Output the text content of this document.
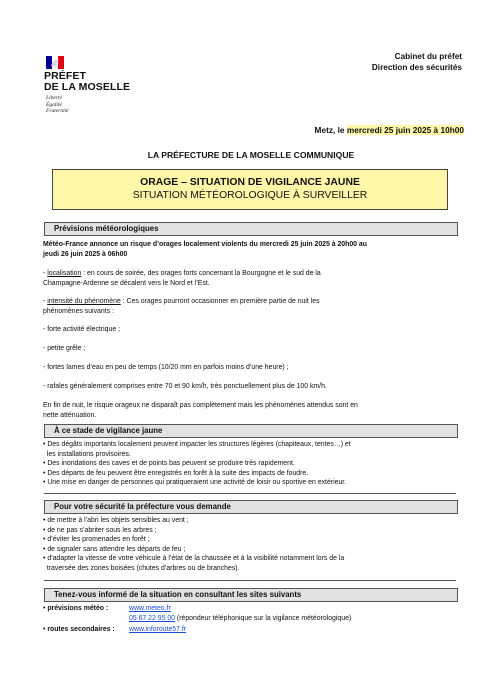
PRÉFET
DE LA MOSELLE
Liberté
Égalité
Fraternité
Cabinet du préfet
Direction des sécurités
Metz, le mercredi 25 juin 2025 à 10h00
LA PRÉFECTURE DE LA MOSELLE COMMUNIQUE
ORAGE – SITUATION DE VIGILANCE JAUNE
SITUATION MÉTÉOROLOGIQUE À SURVEILLER
Prévisions météorologiques
Météo-France annonce un risque d’orages localement violents du mercredi 25 juin 2025 à 20h00 au
jeudi 26 juin 2025 à 06h00
- localisation : en cours de soirée, des orages forts concernant la Bourgogne et le sud de la
Champagne-Ardenne se décalent vers le Nord et l’Est.
- intensité du phénomène : Ces orages pourront occasionner en première partie de nuit les
phénomènes suivants :
- forte activité électrique ;
- petite grêle ;
- fortes lames d’eau en peu de temps (10/20 mm en parfois moins d’une heure) ;
- rafales généralement comprises entre 70 et 90 km/h, très ponctuellement plus de 100 km/h.
En fin de nuit, le risque orageux ne disparaît pas complètement mais les phénomènes attendus sont en
nette atténuation.
À ce stade de vigilance jaune
• Des dégâts importants localement peuvent impacter les structures légères (chapiteaux, tentes…) et
les installations provisoires.
• Des inondations des caves et de points bas peuvent se produire très rapidement.
• Des départs de feu peuvent être enregistrés en forêt à la suite des impacts de foudre.
• Une mise en danger de personnes qui pratiqueraient une activité de loisir ou sportive en extérieur.
Pour votre sécurité la préfecture vous demande
• de mettre à l’abri les objets sensibles au vent ;
• de ne pas s’abriter sous les arbres ;
• d’éviter les promenades en forêt ;
• de signaler sans attendre les départs de feu ;
• d’adapter la vitesse de votre véhicule à l’état de la chaussée et à la visibilité notamment lors de la
traversée des zones boisées (chutes d’arbres ou de branches).
Tenez-vous informé de la situation en consultant les sites suivants
• prévisions météo :	www.meteo.fr
05 67 22 95 00 (répondeur téléphonique sur la vigilance météorologique)
• routes secondaires : www.inforoute57.fr
